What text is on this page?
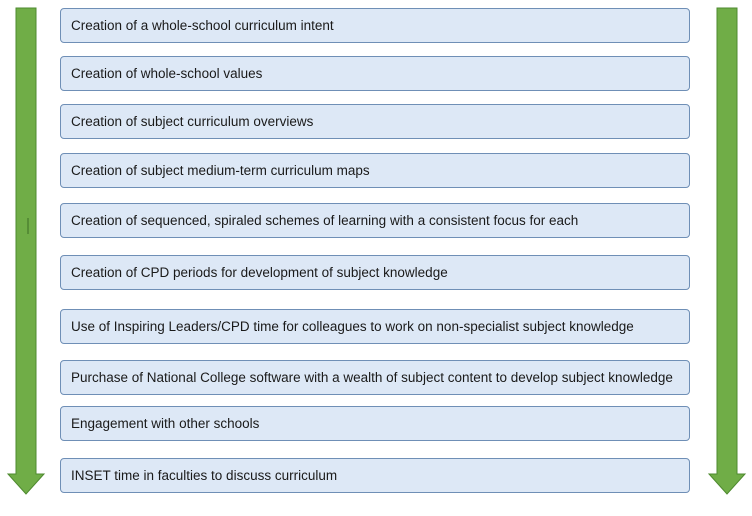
Creation of a whole-school curriculum intent
Creation of whole-school values
Creation of subject curriculum overviews
Creation of subject medium-term curriculum maps
Creation of sequenced, spiraled schemes of learning with a consistent focus for each
Creation of CPD periods for development of subject knowledge
Use of Inspiring Leaders/CPD time for colleagues to work on non-specialist subject knowledge
Purchase of National College software with a wealth of subject content to develop subject knowledge
Engagement with other schools
INSET time in faculties to discuss curriculum
